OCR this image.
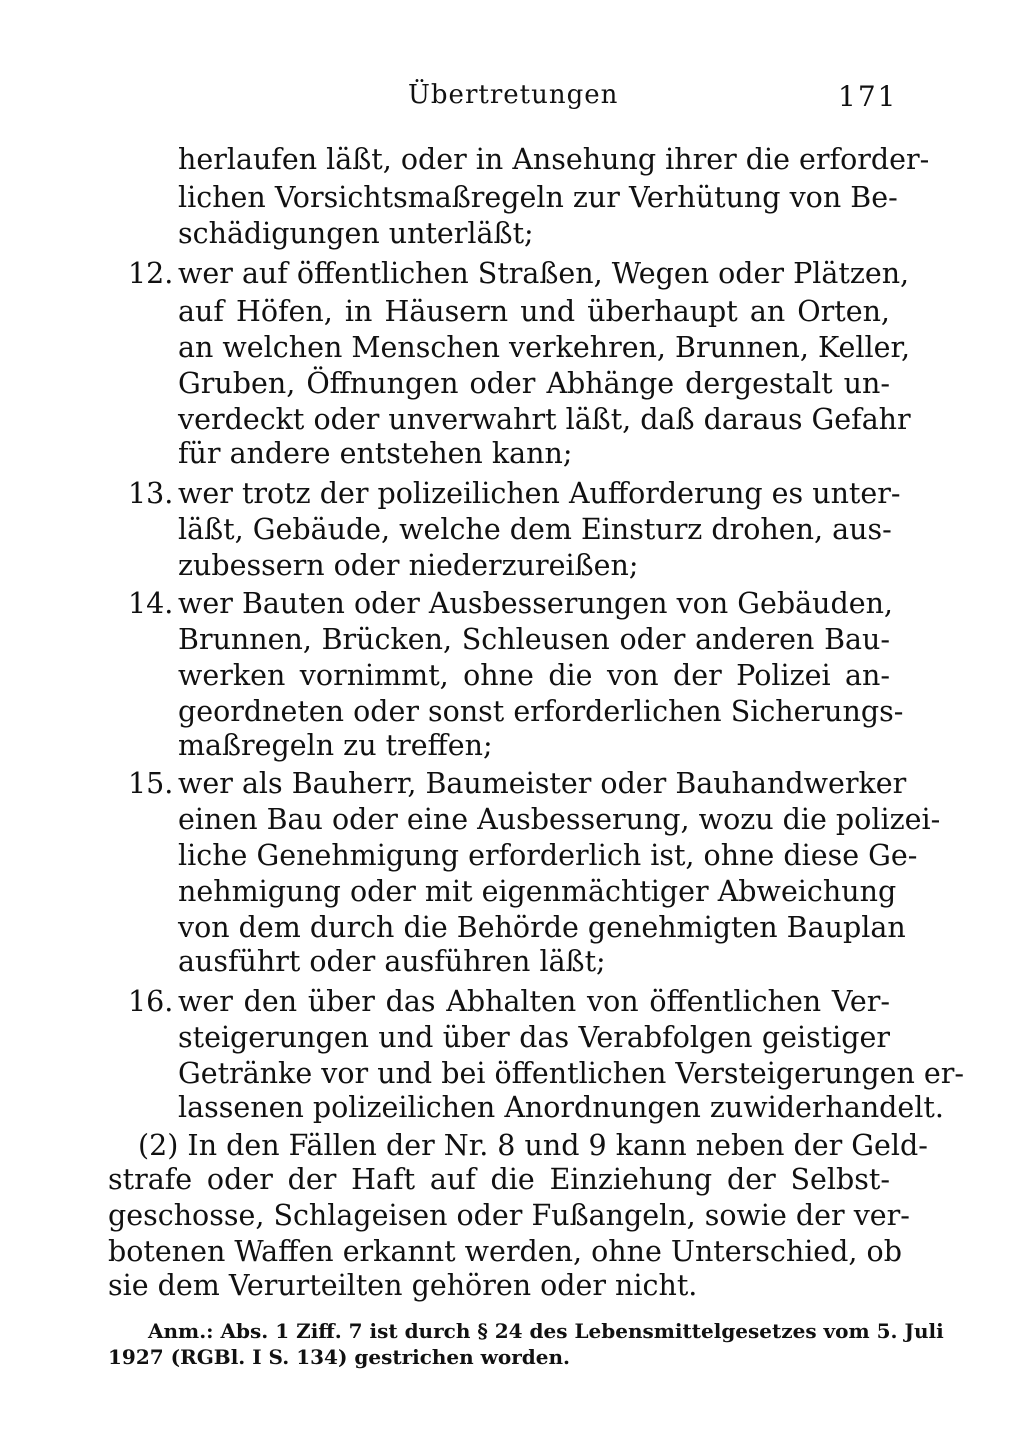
Übertretungen	171
herlaufen läßt, oder in Ansehung ihrer die erforder-
lichen Vorsichtsmaßregeln zur Verhütung von Be-
schädigungen unterläßt;
12. wer auf öffentlichen Straßen, Wegen oder Plätzen,
auf Höfen, in Häusern und überhaupt an Orten,
an welchen Menschen verkehren, Brunnen, Keller,
Gruben, Öffnungen oder Abhänge dergestalt un-
verdeckt oder unverwahrt läßt, daß daraus Gefahr
für andere entstehen kann;
13. wer trotz der polizeilichen Aufforderung es unter-
läßt, Gebäude, welche dem Einsturz drohen, aus-
zubessern oder niederzureißen;
14. wer Bauten oder Ausbesserungen von Gebäuden,
Brunnen, Brücken, Schleusen oder anderen Bau-
werken vornimmt, ohne die von der Polizei an-
geordneten oder sonst erforderlichen Sicherungs-
maßregeln zu treffen;
15. wer als Bauherr, Baumeister oder Bauhandwerker
einen Bau oder eine Ausbesserung, wozu die polizei-
liche Genehmigung erforderlich ist, ohne diese Ge-
nehmigung oder mit eigenmächtiger Abweichung
von dem durch die Behörde genehmigten Bauplan
ausführt oder ausführen läßt;
16. wer den über das Abhalten von öffentlichen Ver-
steigerungen und über das Verabfolgen geistiger
Getränke vor und bei öffentlichen Versteigerungen er-
lassenen polizeilichen Anordnungen zuwiderhandelt.
(2) In den Fällen der Nr. 8 und 9 kann neben der Geld-
strafe oder der Haft auf die Einziehung der Selbst-
geschosse, Schlageisen oder Fußangeln, sowie der ver-
botenen Waffen erkannt werden, ohne Unterschied, ob
sie dem Verurteilten gehören oder nicht.
Anm.: Abs. 1 Ziff. 7 ist durch § 24 des Lebensmittelgesetzes vom 5. Juli
1927 (RGBl. I S. 134) gestrichen worden.
